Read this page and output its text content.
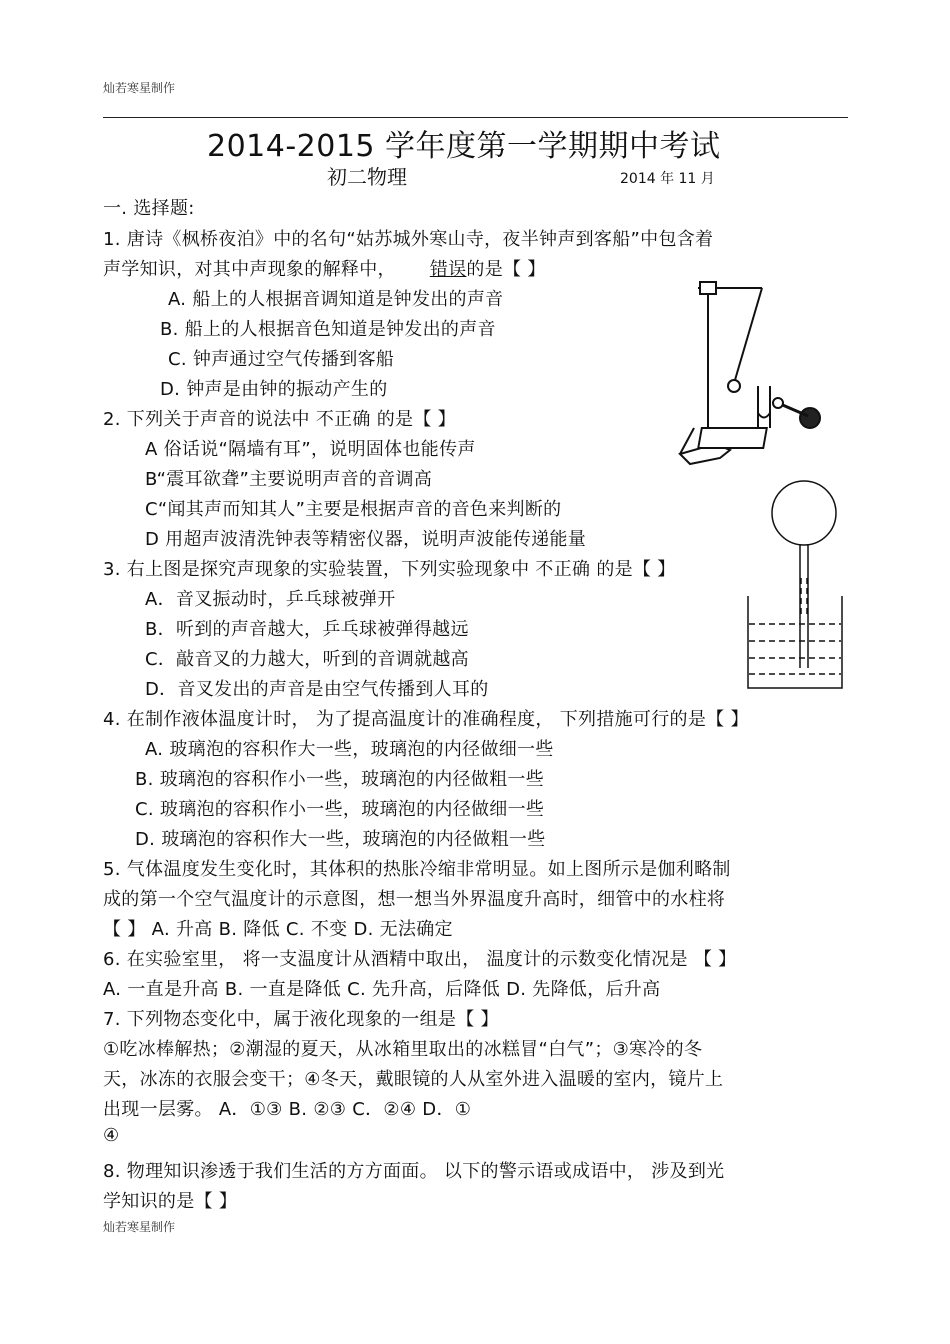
灿若寒星制作
2014-2015 学年度第一学期期中考试
初二物理	2014 年 11 月
一. 选择题:
1. 唐诗《枫桥夜泊》中的名句“姑苏城外寒山寺，夜半钟声到客船”中包含着
声学知识，对其中声现象的解释中， 错误的是【 】
A. 船上的人根据音调知道是钟发出的声音
B. 船上的人根据音色知道是钟发出的声音
C. 钟声通过空气传播到客船
D. 钟声是由钟的振动产生的
2. 下列关于声音的说法中 不正确 的是【 】
A 俗话说“隔墙有耳”，说明固体也能传声
B“震耳欲聋”主要说明声音的音调高
C“闻其声而知其人”主要是根据声音的音色来判断的
D 用超声波清洗钟表等精密仪器，说明声波能传递能量
3. 右上图是探究声现象的实验装置，下列实验现象中 不正确 的是【 】
A．音叉振动时，乒乓球被弹开
B．听到的声音越大，乒乓球被弹得越远
C．敲音叉的力越大，听到的音调就越高
D．音叉发出的声音是由空气传播到人耳的
4. 在制作液体温度计时， 为了提高温度计的准确程度， 下列措施可行的是【 】
A. 玻璃泡的容积作大一些，玻璃泡的内径做细一些
B. 玻璃泡的容积作小一些，玻璃泡的内径做粗一些
C. 玻璃泡的容积作小一些，玻璃泡的内径做细一些
D. 玻璃泡的容积作大一些，玻璃泡的内径做粗一些
5. 气体温度发生变化时，其体积的热胀冷缩非常明显。如上图所示是伽利略制
成的第一个空气温度计的示意图，想一想当外界温度升高时，细管中的水柱将
【 】 A. 升高 B. 降低 C. 不变 D. 无法确定
6. 在实验室里， 将一支温度计从酒精中取出， 温度计的示数变化情况是 【 】
A. 一直是升高 B. 一直是降低 C. 先升高，后降低 D. 先降低，后升高
7. 下列物态变化中，属于液化现象的一组是【 】
①吃冰棒解热；②潮湿的夏天，从冰箱里取出的冰糕冒“白气”；③寒冷的冬
天，冰冻的衣服会变干；④冬天，戴眼镜的人从室外进入温暖的室内，镜片上
出现一层雾。 A．①③ B. ②③ C．②④ D．①
④
8. 物理知识渗透于我们生活的方方面面。 以下的警示语或成语中， 涉及到光
学知识的是【 】
灿若寒星制作
